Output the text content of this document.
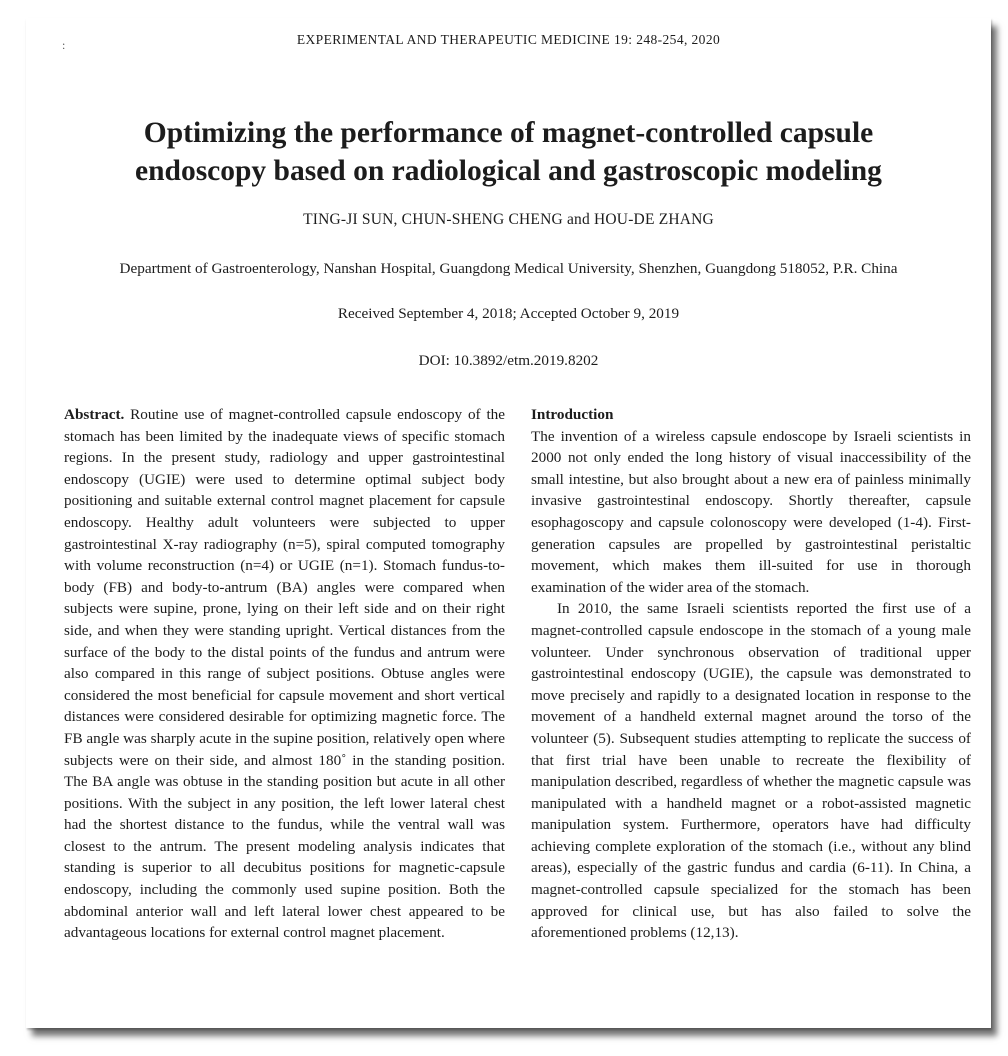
:	EXPERIMENTAL AND THERAPEUTIC MEDICINE 19: 248-254, 2020
Optimizing the performance of magnet-controlled capsule
endoscopy based on radiological and gastroscopic modeling
TING-JI SUN, CHUN-SHENG CHENG and HOU-DE ZHANG
Department of Gastroenterology, Nanshan Hospital, Guangdong Medical University, Shenzhen, Guangdong 518052, P.R. China
Received September 4, 2018; Accepted October 9, 2019
DOI: 10.3892/etm.2019.8202

Abstract. Routine use of magnet-controlled capsule endoscopy of the stomach has been limited by the inadequate views of specific stomach regions. In the present study, radiology and upper gastrointestinal endoscopy (UGIE) were used to determine optimal subject body positioning and suitable external control magnet placement for capsule endoscopy. Healthy adult volunteers were subjected to upper gastrointestinal X-ray radiography (n=5), spiral computed tomography with volume reconstruction (n=4) or UGIE (n=1). Stomach fundus-to-body (FB) and body-to-antrum (BA) angles were compared when subjects were supine, prone, lying on their left side and on their right side, and when they were standing upright. Vertical distances from the surface of the body to the distal points of the fundus and antrum were also compared in this range of subject positions. Obtuse angles were considered the most beneficial for capsule movement and short vertical distances were considered desirable for optimizing magnetic force. The FB angle was sharply acute in the supine position, relatively open where subjects were on their side, and almost 180˚ in the standing position. The BA angle was obtuse in the standing position but acute in all other positions. With the subject in any position, the left lower lateral chest had the shortest distance to the fundus, while the ventral wall was closest to the antrum. The present modeling analysis indicates that standing is superior to all decubitus positions for magnetic-capsule endoscopy, including the commonly used supine position. Both the abdominal anterior wall and left lateral lower chest appeared to be advantageous locations for external control magnet placement.

Introduction

The invention of a wireless capsule endoscope by Israeli scientists in 2000 not only ended the long history of visual inaccessibility of the small intestine, but also brought about a new era of painless minimally invasive gastrointestinal endoscopy. Shortly thereafter, capsule esophagoscopy and capsule colonoscopy were developed (1-4). First-generation capsules are propelled by gastrointestinal peristaltic movement, which makes them ill-suited for use in thorough examination of the wider area of the stomach.

In 2010, the same Israeli scientists reported the first use of a magnet-controlled capsule endoscope in the stomach of a young male volunteer. Under synchronous observation of traditional upper gastrointestinal endoscopy (UGIE), the capsule was demonstrated to move precisely and rapidly to a designated location in response to the movement of a handheld external magnet around the torso of the volunteer (5). Subsequent studies attempting to replicate the success of that first trial have been unable to recreate the flexibility of manipulation described, regardless of whether the magnetic capsule was manipulated with a handheld magnet or a robot-assisted magnetic manipulation system. Furthermore, operators have had difficulty achieving complete exploration of the stomach (i.e., without any blind areas), especially of the gastric fundus and cardia (6-11). In China, a magnet-controlled capsule specialized for the stomach has been approved for clinical use, but has also failed to solve the aforementioned problems (12,13).
